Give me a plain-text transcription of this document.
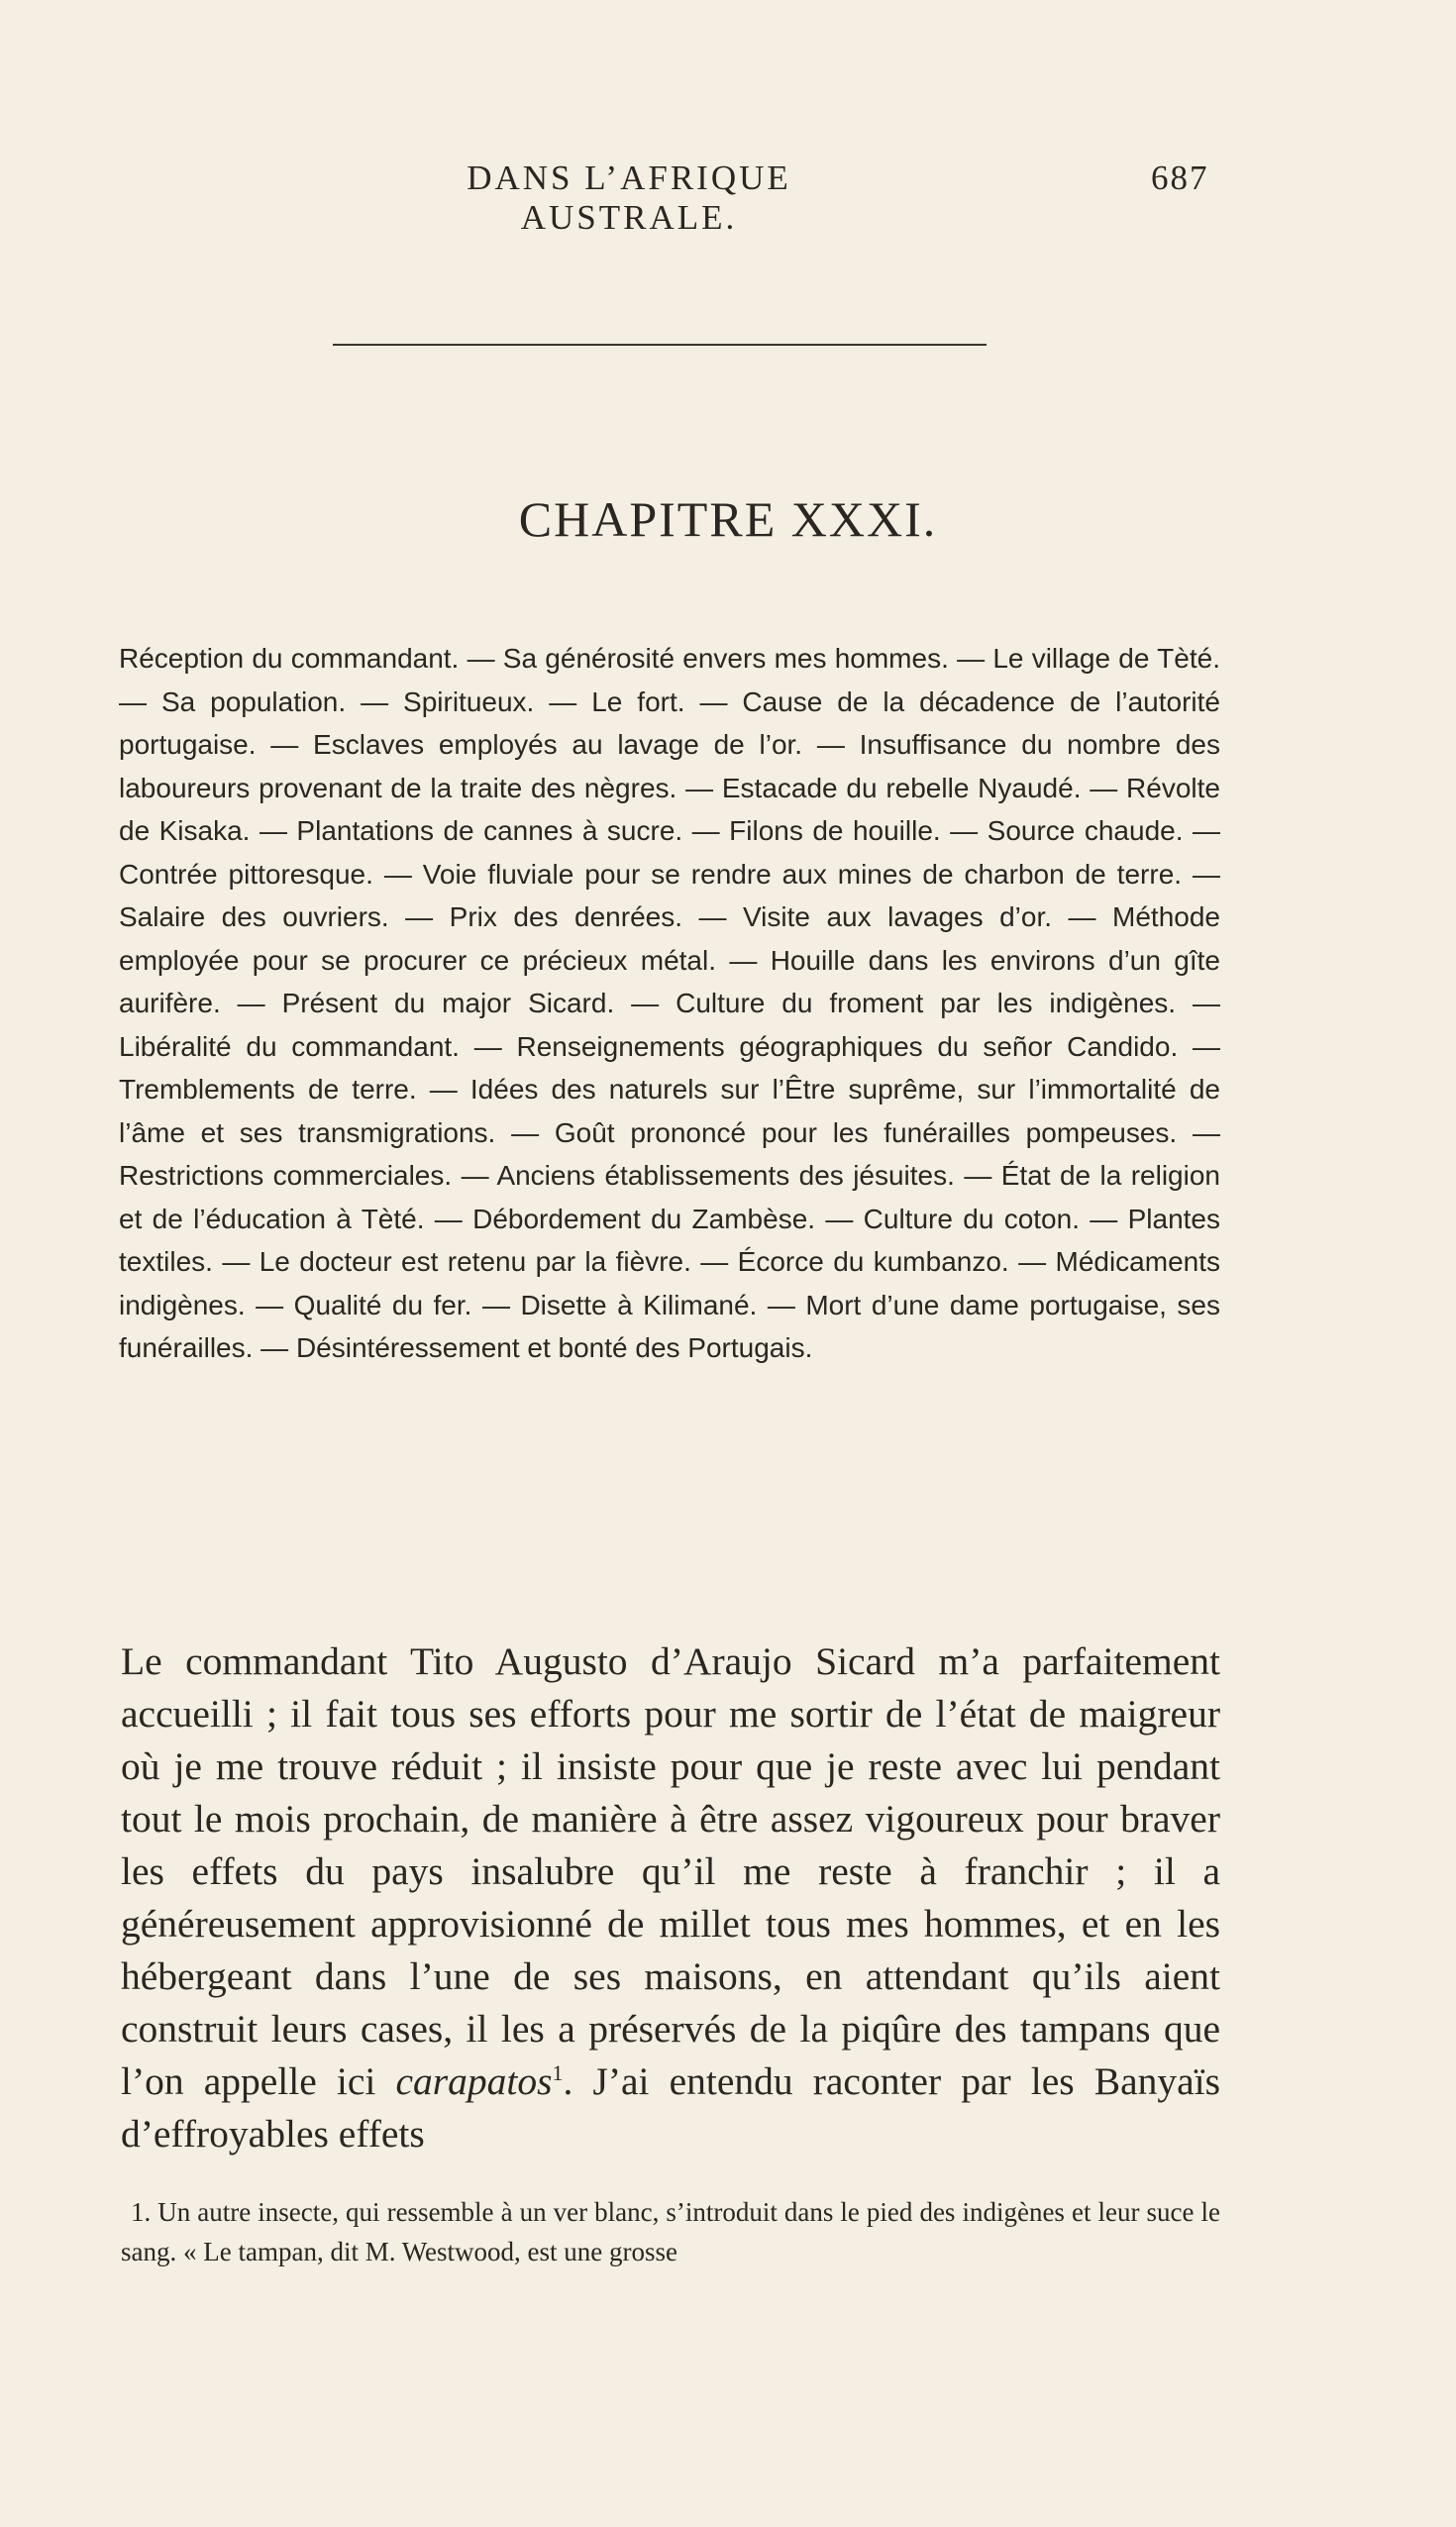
DANS L’AFRIQUE AUSTRALE.
687
CHAPITRE XXXI.

Réception du commandant. — Sa générosité envers mes hommes. — Le village de Tèté. — Sa population. — Spiritueux. — Le fort. — Cause de la décadence de l’autorité portugaise. — Esclaves employés au lavage de l’or. — Insuffisance du nombre des laboureurs provenant de la traite des nègres. — Estacade du rebelle Nyaudé. — Révolte de Kisaka. — Plantations de cannes à sucre. — Filons de houille. — Source chaude. — Contrée pittoresque. — Voie fluviale pour se rendre aux mines de charbon de terre. — Salaire des ouvriers. — Prix des denrées. — Visite aux lavages d’or. — Méthode employée pour se procurer ce précieux métal. — Houille dans les environs d’un gîte aurifère. — Présent du major Sicard. — Culture du froment par les indigènes. — Libéralité du commandant. — Renseignements géographiques du señor Candido. — Tremblements de terre. — Idées des naturels sur l’Être suprême, sur l’immortalité de l’âme et ses transmigrations. — Goût prononcé pour les funérailles pompeuses. — Restrictions commerciales. — Anciens établissements des jésuites. — État de la religion et de l’éducation à Tèté. — Débordement du Zambèse. — Culture du coton. — Plantes textiles. — Le docteur est retenu par la fièvre. — Écorce du kumbanzo. — Médicaments indigènes. — Qualité du fer. — Disette à Kilimané. — Mort d’une dame portugaise, ses funérailles. — Désintéressement et bonté des Portugais.

Le commandant Tito Augusto d’Araujo Sicard m’a parfaitement accueilli ; il fait tous ses efforts pour me sortir de l’état de maigreur où je me trouve réduit ; il insiste pour que je reste avec lui pendant tout le mois prochain, de manière à être assez vigoureux pour braver les effets du pays insalubre qu’il me reste à franchir ; il a généreusement approvisionné de millet tous mes hommes, et en les hébergeant dans l’une de ses maisons, en attendant qu’ils aient construit leurs cases, il les a préservés de la piqûre des tampans que l’on appelle ici carapatos$^1$. J’ai entendu raconter par les Banyaïs d’effroyables effets

1. Un autre insecte, qui ressemble à un ver blanc, s’introduit dans le pied des indigènes et leur suce le sang. « Le tampan, dit M. Westwood, est une grosse
